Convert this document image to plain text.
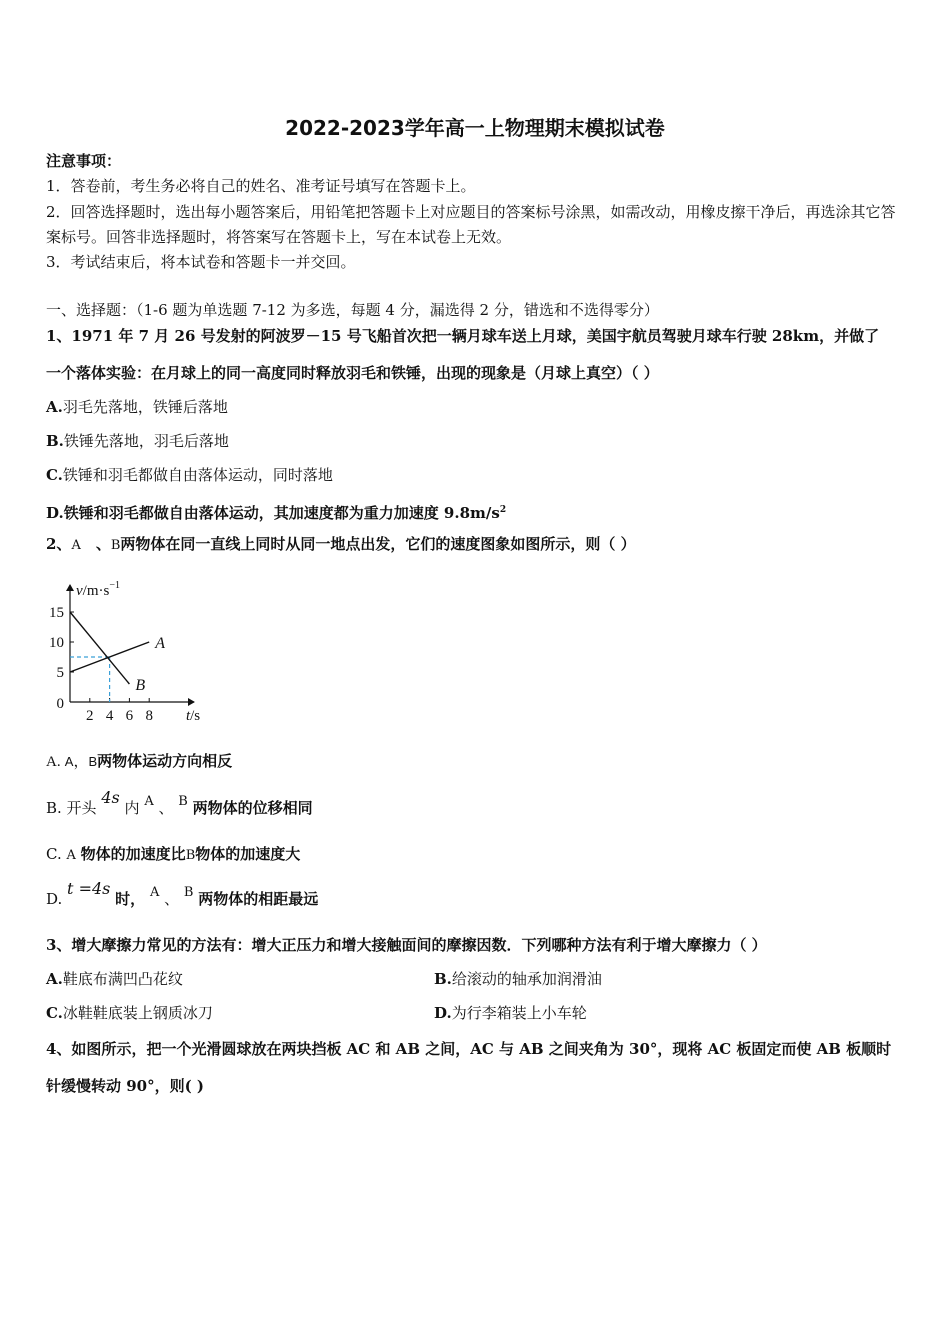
2022-2023学年高一上物理期末模拟试卷
注意事项：
1．答卷前，考生务必将自己的姓名、准考证号填写在答题卡上。
2．回答选择题时，选出每小题答案后，用铅笔把答题卡上对应题目的答案标号涂黑，如需改动，用橡皮擦干净后，再选涂其它答案标号。回答非选择题时，将答案写在答题卡上，写在本试卷上无效。
3．考试结束后，将本试卷和答题卡一并交回。
一、选择题：（1-6 题为单选题 7-12 为多选，每题 4 分，漏选得 2 分，错选和不选得零分）
1、1971 年 7 月 26 号发射的阿波罗－15 号飞船首次把一辆月球车送上月球，美国宇航员驾驶月球车行驶 28km，并做了
一个落体实验：在月球上的同一高度同时释放羽毛和铁锤，出现的现象是（月球上真空）（ ）
A.羽毛先落地，铁锤后落地
B.铁锤先落地，羽毛后落地
C.铁锤和羽毛都做自由落体运动，同时落地
D.铁锤和羽毛都做自由落体运动，其加速度都为重力加速度 $9.8m/s^2$
2、A  、B两物体在同一直线上同时从同一地点出发，它们的速度图象如图所示，则（ ）
2 4 6 8
5
10
15
0
$v/m\cdot s^{-1}$
t/s
A
B
A. A，B两物体运动方向相反
B. 开头 4s 内 A 、 B 两物体的位移相同
C. A 物体的加速度比B物体的加速度大
D. t =4s 时， A 、 B 两物体的相距最远
3、增大摩擦力常见的方法有：增大正压力和增大接触面间的摩擦因数．下列哪种方法有利于增大摩擦力（ ）
A.鞋底布满凹凸花纹	B.给滚动的轴承加润滑油
C.冰鞋鞋底装上钢质冰刀	D.为行李箱装上小车轮
4、如图所示，把一个光滑圆球放在两块挡板 AC 和 AB 之间，AC 与 AB 之间夹角为 30°，现将 AC 板固定而使 AB 板顺时
针缓慢转动 90°，则( )
